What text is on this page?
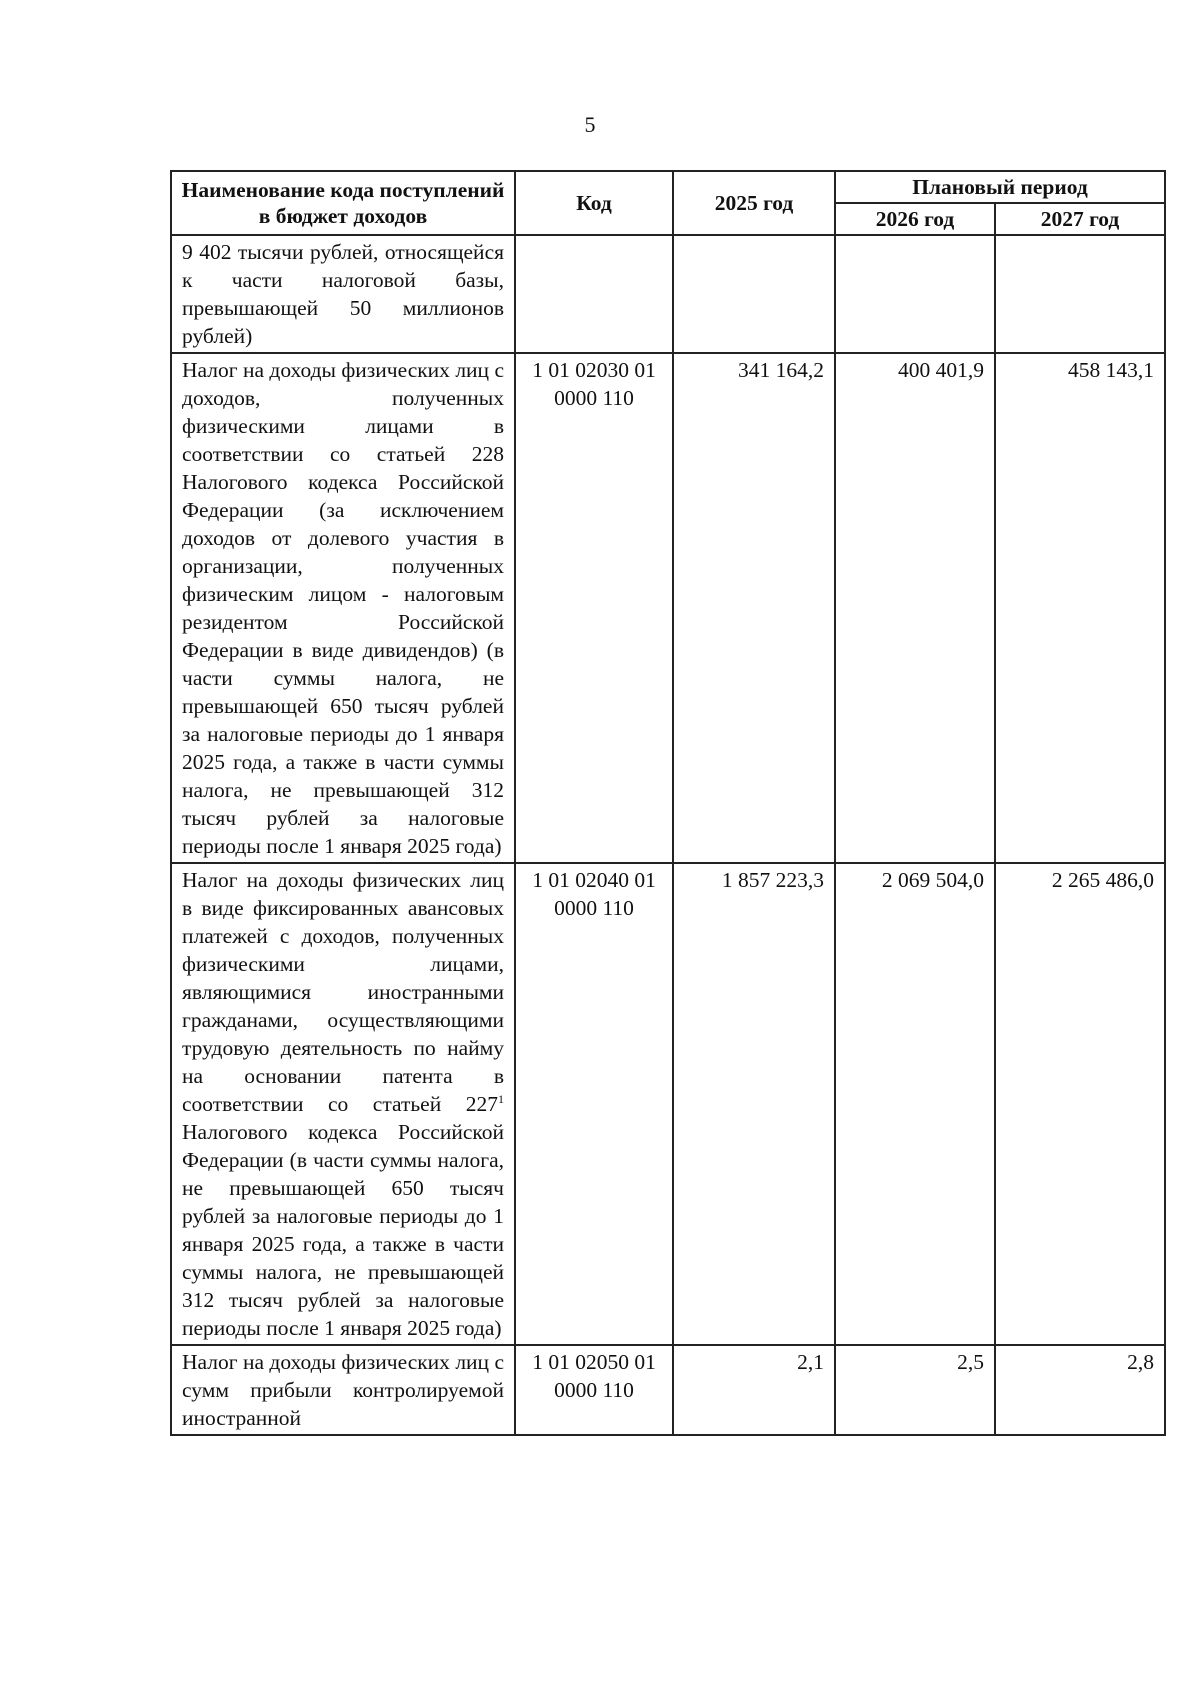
5
Наименование кода поступлений в бюджет доходов	Код	2025 год	Плановый период	
			2026 год	2027 год
9 402 тысячи рублей, относящейся к части налоговой базы, превышающей 50 миллионов рублей)				
Налог на доходы физических лиц с доходов, полученных физическими лицами в соответствии со статьей 228 Налогового кодекса Российской Федерации (за исключением доходов от долевого участия в организации, полученных физическим лицом - налоговым резидентом Российской Федерации в виде дивидендов) (в части суммы налога, не превышающей 650 тысяч рублей за налоговые периоды до 1 января 2025 года, а также в части суммы налога, не превышающей 312 тысяч рублей за налоговые периоды после 1 января 2025 года)	1 01 02030 01 0000 110	341 164,2	400 401,9	458 143,1
Налог на доходы физических лиц в виде фиксированных авансовых платежей с доходов, полученных физическими лицами, являющимися иностранными гражданами, осуществляющими трудовую деятельность по найму на основании патента в соответствии со статьей $227^1$ Налогового кодекса Российской Федерации (в части суммы налога, не превышающей 650 тысяч рублей за налоговые периоды до 1 января 2025 года, а также в части суммы налога, не превышающей 312 тысяч рублей за налоговые периоды после 1 января 2025 года)	1 01 02040 01 0000 110	1 857 223,3	2 069 504,0	2 265 486,0
Налог на доходы физических лиц с сумм прибыли контролируемой иностранной	1 01 02050 01 0000 110	2,1	2,5	2,8
